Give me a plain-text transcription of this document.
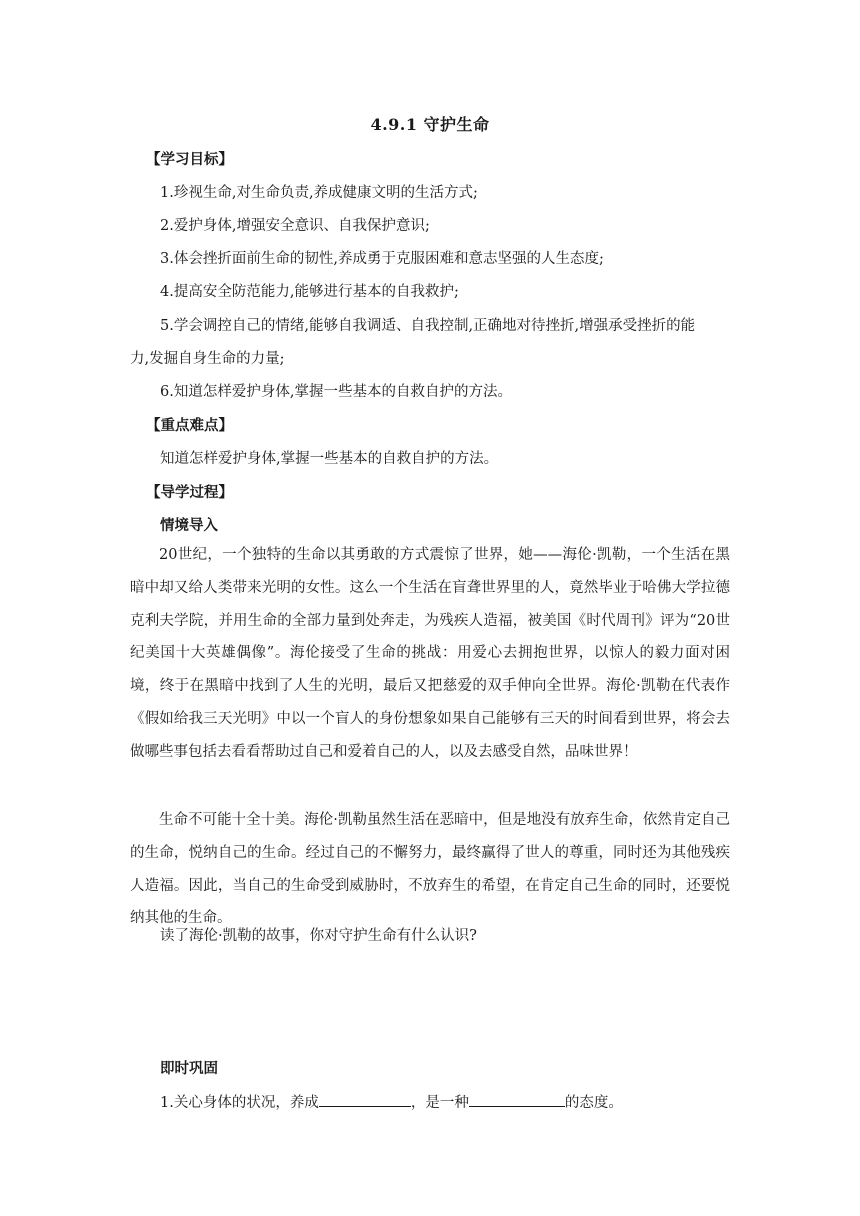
4.9.1 守护生命
【学习目标】
1.珍视生命,对生命负责,养成健康文明的生活方式;
2.爱护身体,增强安全意识、自我保护意识;
3.体会挫折面前生命的韧性,养成勇于克服困难和意志坚强的人生态度;
4.提高安全防范能力,能够进行基本的自我救护;
5.学会调控自己的情绪,能够自我调适、自我控制,正确地对待挫折,增强承受挫折的能
力,发掘自身生命的力量;
6.知道怎样爱护身体,掌握一些基本的自救自护的方法。
【重点难点】
知道怎样爱护身体,掌握一些基本的自救自护的方法。
【导学过程】
情境导入
20世纪，一个独特的生命以其勇敢的方式震惊了世界，她——海伦·凯勒，一个生活在黑暗中却又给人类带来光明的女性。这么一个生活在盲聋世界里的人，竟然毕业于哈佛大学拉德克利夫学院，并用生命的全部力量到处奔走，为残疾人造福，被美国《时代周刊》评为“20世纪美国十大英雄偶像”。海伦接受了生命的挑战：用爱心去拥抱世界，以惊人的毅力面对困境，终于在黑暗中找到了人生的光明，最后又把慈爱的双手伸向全世界。海伦·凯勒在代表作《假如给我三天光明》中以一个盲人的身份想象如果自己能够有三天的时间看到世界，将会去做哪些事包括去看看帮助过自己和爱着自己的人，以及去感受自然，品味世界！
生命不可能十全十美。海伦·凯勒虽然生活在恶暗中，但是地没有放弃生命，依然肯定自己的生命，悦纳自己的生命。经过自己的不懈努力，最终赢得了世人的尊重，同时还为其他残疾人造福。因此，当自己的生命受到威胁时，不放弃生的希望，在肯定自己生命的同时，还要悦纳其他的生命。
读了海伦·凯勒的故事，你对守护生命有什么认识?
即时巩固
1.关心身体的状况，养成	，是一种	的态度。
